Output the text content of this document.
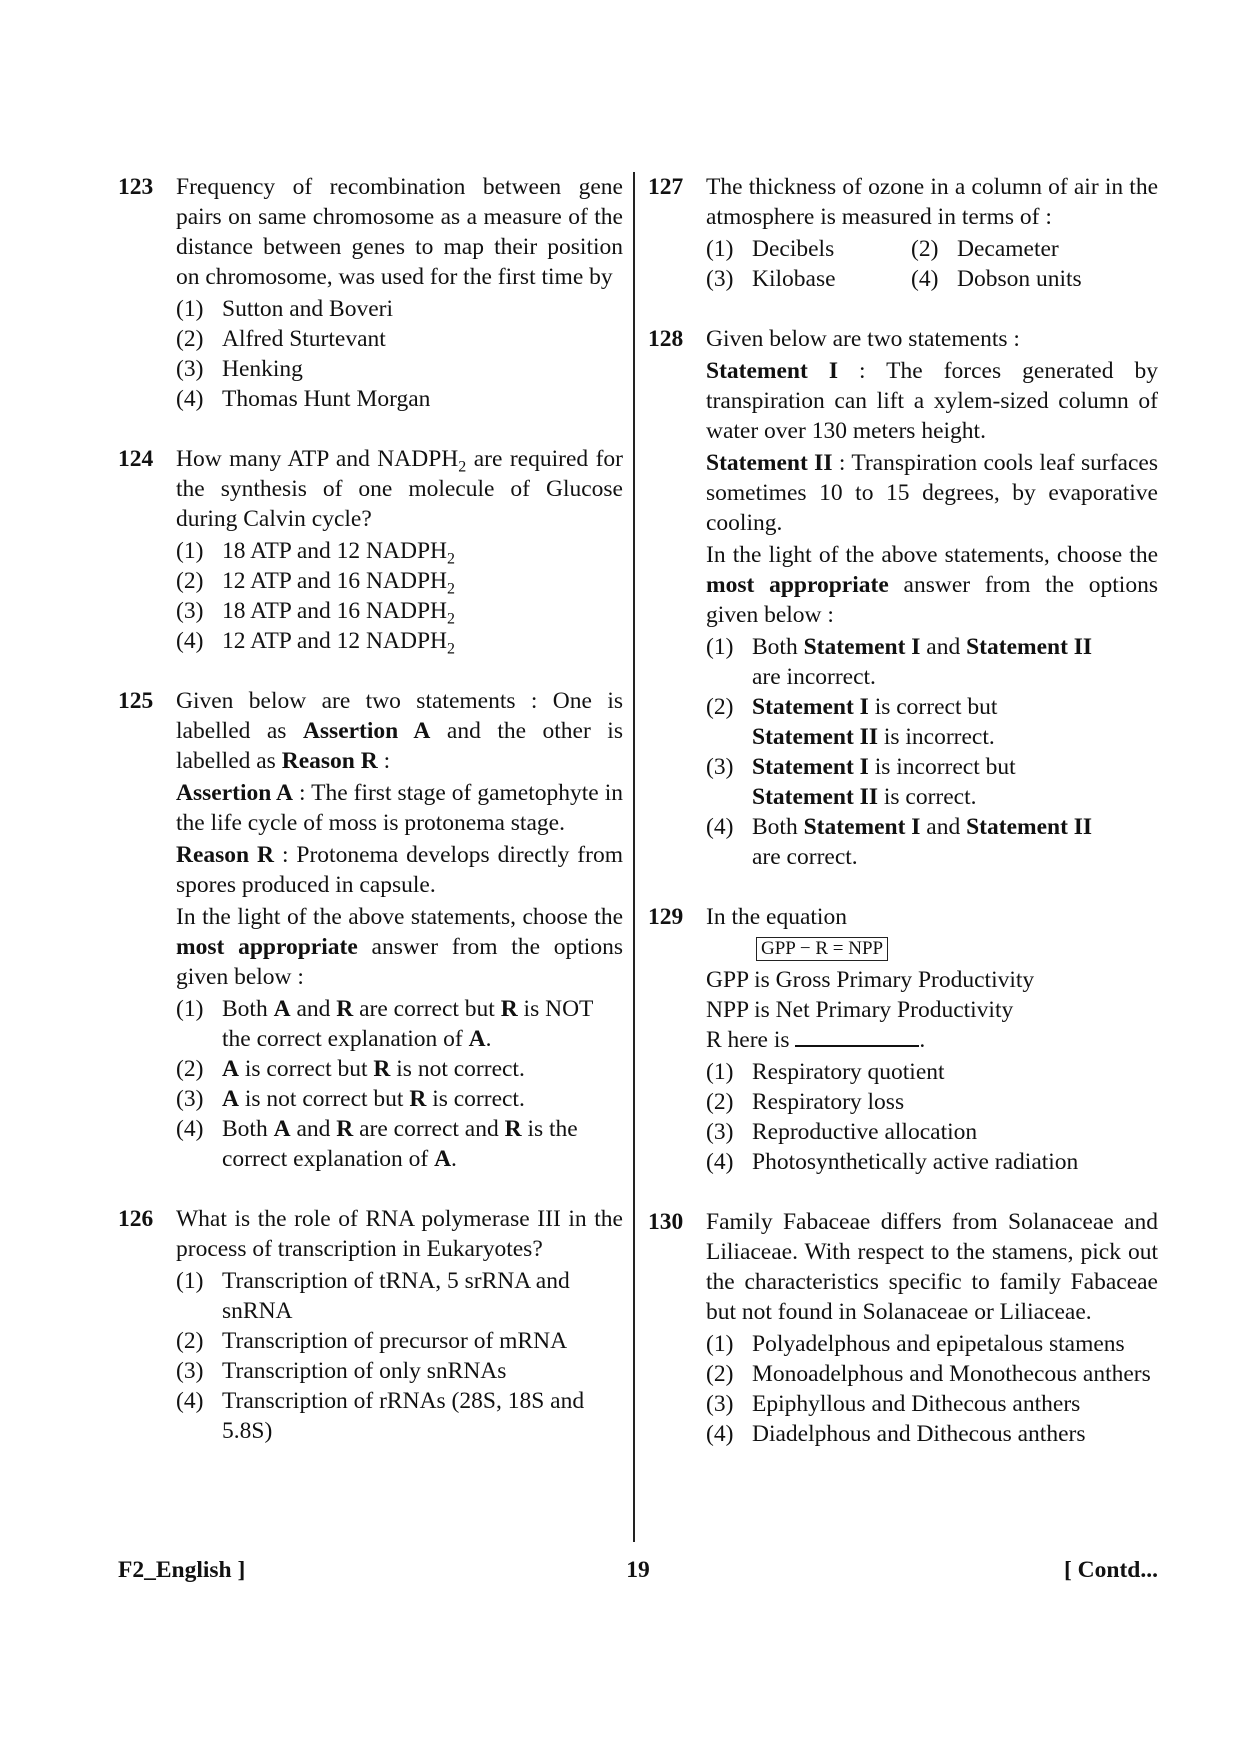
123 Frequency of recombination between gene pairs on same chromosome as a measure of the distance between genes to map their position on chromosome, was used for the first time by
(1) Sutton and Boveri
(2) Alfred Sturtevant
(3) Henking
(4) Thomas Hunt Morgan
124 How many ATP and $NADPH_2$ are required for the synthesis of one molecule of Glucose during Calvin cycle?
(1) 18 ATP and 12 $NADPH_2$
(2) 12 ATP and 16 $NADPH_2$
(3) 18 ATP and 16 $NADPH_2$
(4) 12 ATP and 12 $NADPH_2$
125 Given below are two statements : One is labelled as Assertion A and the other is labelled as Reason R :
Assertion A : The first stage of gametophyte in the life cycle of moss is protonema stage.
Reason R : Protonema develops directly from spores produced in capsule.
In the light of the above statements, choose the most appropriate answer from the options given below :
(1) Both A and R are correct but R is NOT the correct explanation of A.
(2) A is correct but R is not correct.
(3) A is not correct but R is correct.
(4) Both A and R are correct and R is the correct explanation of A.
126 What is the role of RNA polymerase III in the process of transcription in Eukaryotes?
(1) Transcription of tRNA, 5 srRNA and snRNA
(2) Transcription of precursor of mRNA
(3) Transcription of only snRNAs
(4) Transcription of rRNAs (28S, 18S and 5.8S)
127 The thickness of ozone in a column of air in the atmosphere is measured in terms of :
(1) Decibels	(2) Decameter
(3) Kilobase	(4) Dobson units
128 Given below are two statements :
Statement I : The forces generated by transpiration can lift a xylem-sized column of water over 130 meters height.
Statement II : Transpiration cools leaf surfaces sometimes 10 to 15 degrees, by evaporative cooling.
In the light of the above statements, choose the most appropriate answer from the options given below :
(1) Both Statement I and Statement II
are incorrect.
(2) Statement I is correct but
Statement II is incorrect.
(3) Statement I is incorrect but
Statement II is correct.
(4) Both Statement I and Statement II
are correct.
129 In the equation
GPP − R = NPP
GPP is Gross Primary Productivity
NPP is Net Primary Productivity
R here is	.
(1) Respiratory quotient
(2) Respiratory loss
(3) Reproductive allocation
(4) Photosynthetically active radiation
130 Family Fabaceae differs from Solanaceae and Liliaceae. With respect to the stamens, pick out the characteristics specific to family Fabaceae but not found in Solanaceae or Liliaceae.
(1) Polyadelphous and epipetalous stamens
(2) Monoadelphous and Monothecous anthers
(3) Epiphyllous and Dithecous anthers
(4) Diadelphous and Dithecous anthers
19
F2_English ]	[ Contd...
